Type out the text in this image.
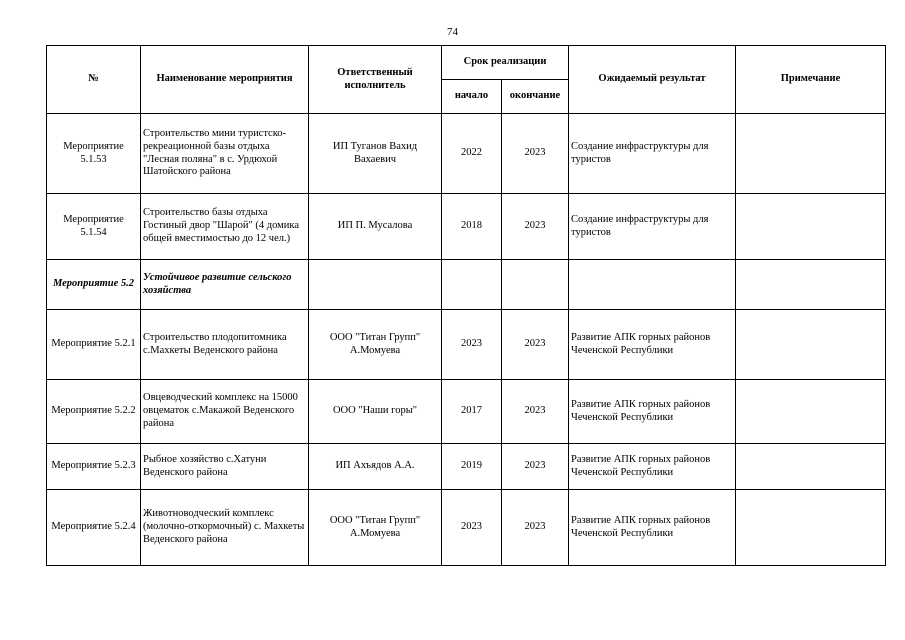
74
№	Наименование мероприятия	Ответственный исполнитель	Срок реализации		Ожидаемый результат	Примечание
			начало	окончание		
Мероприятие 5.1.53	Строительство мини туристско-рекреационной базы отдыха "Лесная поляна" в с. Урдюхой Шатойского района	ИП Туганов Вахид Вахаевич	2022	2023	Создание инфраструктуры для туристов	
Мероприятие 5.1.54	Строительство базы отдыха Гостиный двор "Шарой" (4 домика общей вместимостью до 12 чел.)	ИП П. Мусалова	2018	2023	Создание инфраструктуры для туристов	
Мероприятие 5.2	Устойчивое развитие сельского хозяйства					
Мероприятие 5.2.1	Строительство плодопитомника с.Махкеты Веденского района	ООО "Титан Групп" А.Момуева	2023	2023	Развитие АПК горных районов Чеченской Республики	
Мероприятие 5.2.2	Овцеводческий комплекс на 15000 овцематок с.Макажой Веденского района	ООО "Наши горы"	2017	2023	Развитие АПК горных районов Чеченской Республики	
Мероприятие 5.2.3	Рыбное хозяйство с.Хатуни Веденского района	ИП Ахъядов А.А.	2019	2023	Развитие АПК горных районов Чеченской Республики	
Мероприятие 5.2.4	Животноводческий комплекс (молочно-откормочный) с. Махкеты Веденского района	ООО "Титан Групп" А.Момуева	2023	2023	Развитие АПК горных районов Чеченской Республики	
